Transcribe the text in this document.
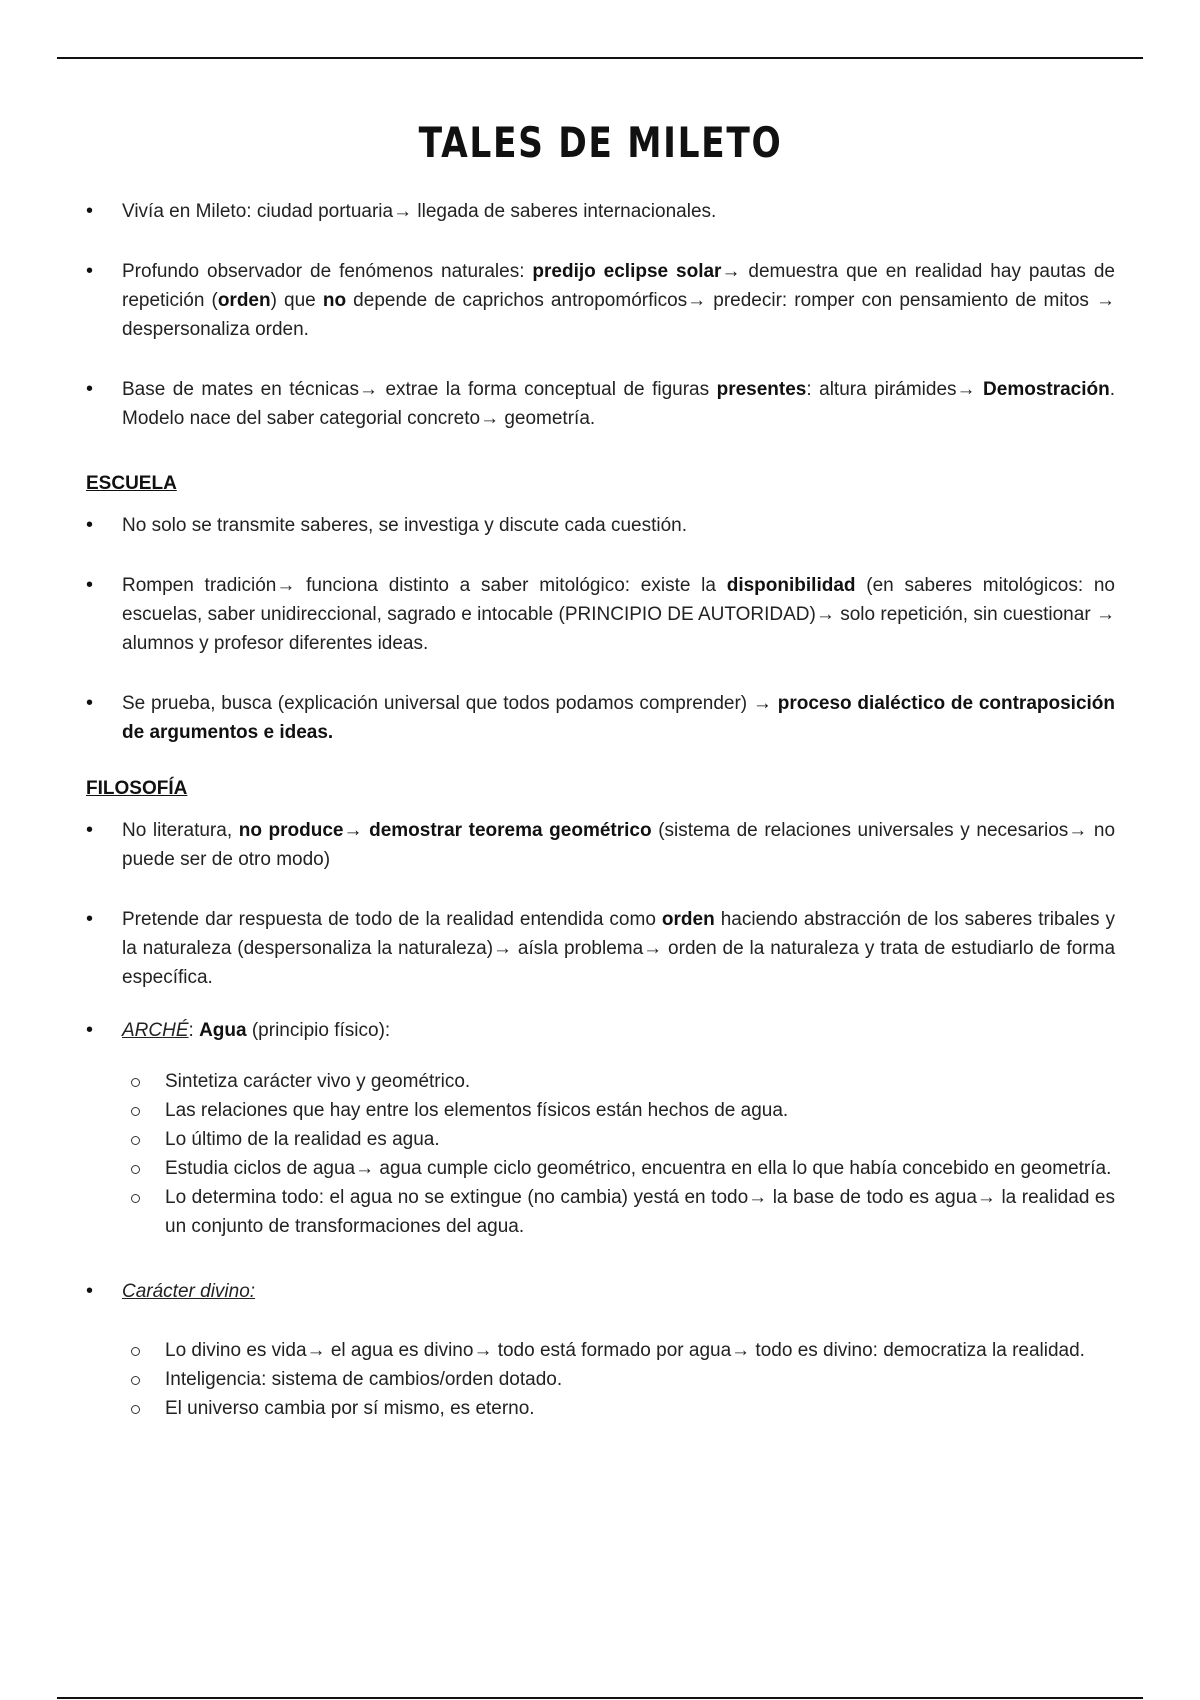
TALES DE MILETO
• Vivía en Mileto: ciudad portuaria→ llegada de saberes internacionales.
• Profundo observador de fenómenos naturales: predijo eclipse solar→ demuestra que en realidad hay pautas de repetición (orden) que no depende de caprichos antropomórficos→ predecir: romper con pensamiento de mitos → despersonaliza orden.
• Base de mates en técnicas→ extrae la forma conceptual de figuras presentes: altura pirámides→ Demostración. Modelo nace del saber categorial concreto→ geometría.
ESCUELA
• No solo se transmite saberes, se investiga y discute cada cuestión.
• Rompen tradición→ funciona distinto a saber mitológico: existe la disponibilidad (en saberes mitológicos: no escuelas, saber unidireccional, sagrado e intocable (PRINCIPIO DE AUTORIDAD)→ solo repetición, sin cuestionar → alumnos y profesor diferentes ideas.
• Se prueba, busca (explicación universal que todos podamos comprender) → proceso dialéctico de contraposición de argumentos e ideas.
FILOSOFÍA
• No literatura, no produce→ demostrar teorema geométrico (sistema de relaciones universales y necesarios→ no puede ser de otro modo)
• Pretende dar respuesta de todo de la realidad entendida como orden haciendo abstracción de los saberes tribales y la naturaleza (despersonaliza la naturaleza)→ aísla problema→ orden de la naturaleza y trata de estudiarlo de forma específica.
• ARCHÉ: Agua (principio físico):
Sintetiza carácter vivo y geométrico.
Las relaciones que hay entre los elementos físicos están hechos de agua.
Lo último de la realidad es agua.
Estudia ciclos de agua→ agua cumple ciclo geométrico, encuentra en ella lo que había concebido en geometría.
Lo determina todo: el agua no se extingue (no cambia) yestá en todo→ la base de todo es agua→ la realidad es un conjunto de transformaciones del agua.
• Carácter divino:
Lo divino es vida→ el agua es divino→ todo está formado por agua→ todo es divino: democratiza la realidad.
Inteligencia: sistema de cambios/orden dotado.
El universo cambia por sí mismo, es eterno.
